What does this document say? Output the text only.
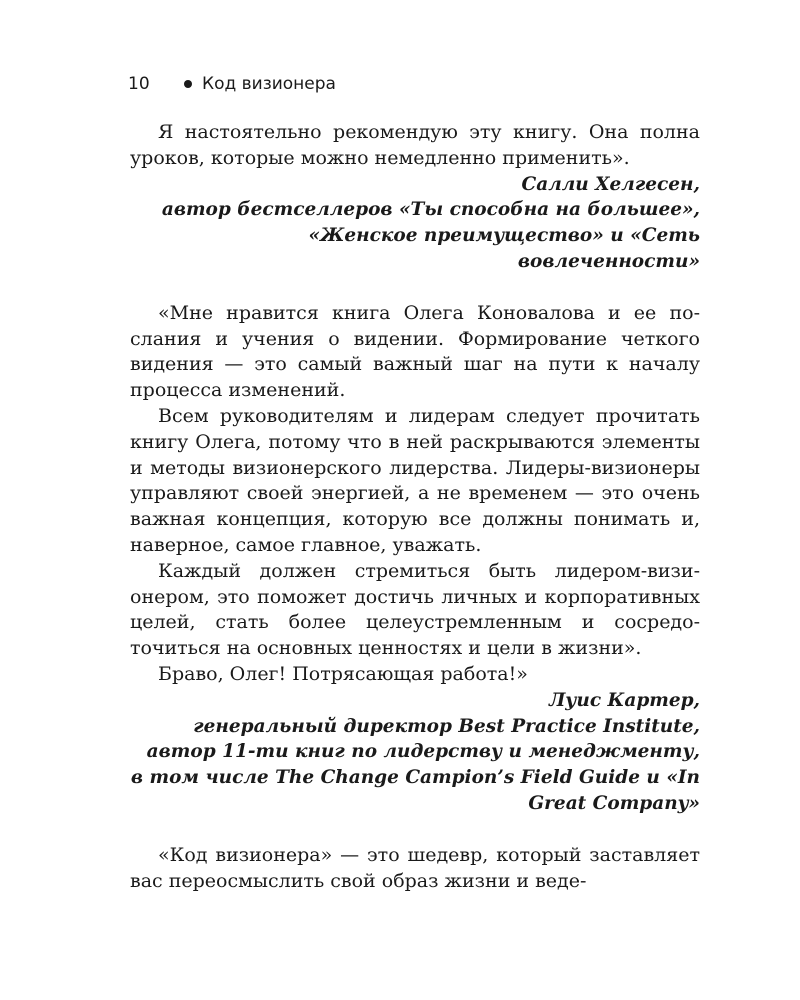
10	Код визионера

Я настоятельно рекомендую эту книгу. Она полна уроков, которые можно немедленно применить».

Салли Хелгесен,
автор бестселлеров «Ты способна на большее»,
«Женское преимущество» и «Сеть
вовлеченности»

«Мне нравится книга Олега Коновалова и ее послания и учения о видении. Формирование четкого видения — это самый важный шаг на пути к началу процесса изменений.

Всем руководителям и лидерам следует прочитать книгу Олега, потому что в ней раскрываются элементы и методы визионерского лидерства. Лидеры-визионеры управляют своей энергией, а не временем — это очень важная концепция, которую все должны понимать и, наверное, самое главное, уважать.

Каждый должен стремиться быть лидером-визионером, это поможет достичь личных и корпоративных целей, стать более целеустремленным и сосредоточиться на основных ценностях и цели в жизни».

Браво, Олег! Потрясающая работа!»

Луис Картер,
генеральный директор Best Practice Institute,
автор 11-ти книг по лидерству и менеджменту,
в том числе The Change Campion’s Field Guide и «In
Great Company»

«Код визионера» — это шедевр, который заставляет вас переосмыслить свой образ жизни и веде-
